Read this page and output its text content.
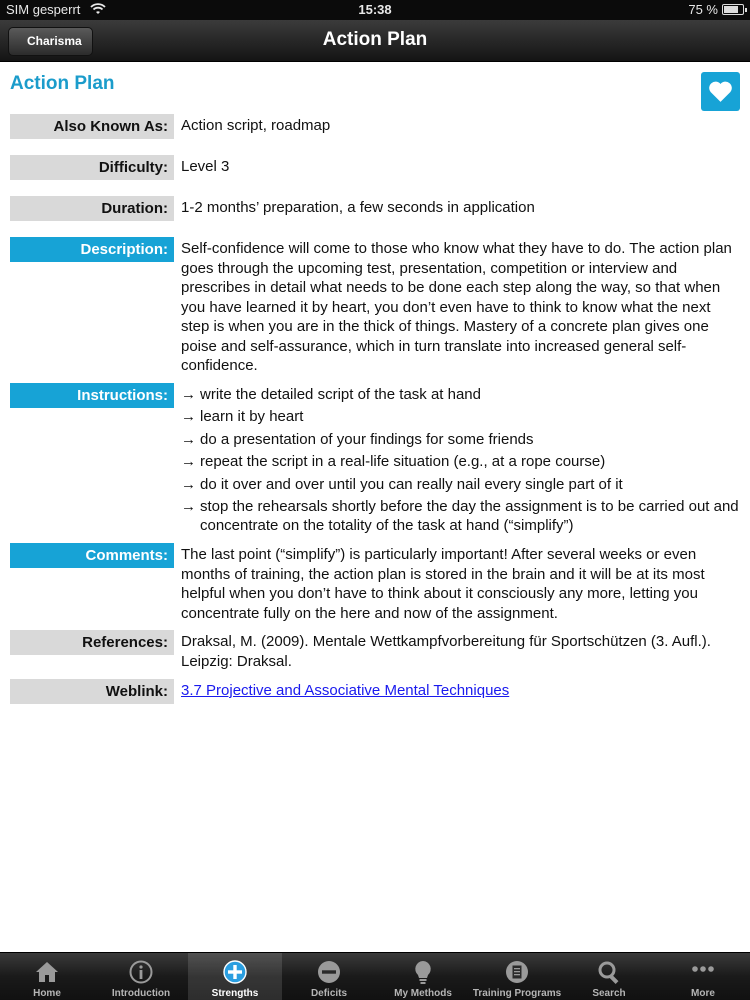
SIM gesperrt	15:38	75 %
Charisma	Action Plan
Action Plan
Also Known As: Action script, roadmap
Difficulty: Level 3
Duration: 1-2 months’ preparation, a few seconds in application
Description: Self-confidence will come to those who know what they have to do. The action plan goes through the upcoming test, presentation, competition or interview and prescribes in detail what needs to be done each step along the way, so that when you have learned it by heart, you don’t even have to think to know what the next step is when you are in the thick of things. Mastery of a concrete plan gives one poise and self-assurance, which in turn translate into increased general self-confidence.
Instructions: → write the detailed script of the task at hand
→ learn it by heart
→ do a presentation of your findings for some friends
→ repeat the script in a real-life situation (e.g., at a rope course)
→ do it over and over until you can really nail every single part of it
→ stop the rehearsals shortly before the day the assignment is to be carried out and concentrate on the totality of the task at hand (“simplify”)
Comments: The last point (“simplify”) is particularly important! After several weeks or even months of training, the action plan is stored in the brain and it will be at its most helpful when you don’t have to think about it consciously any more, letting you concentrate fully on the here and now of the assignment.
References: Draksal, M. (2009). Mentale Wettkampfvorbereitung für Sportschützen (3. Aufl.). Leipzig: Draksal.
Weblink: 3.7 Projective and Associative Mental Techniques
Home	Introduction	Strengths	Deficits	My Methods	Training Programs	Search	More
